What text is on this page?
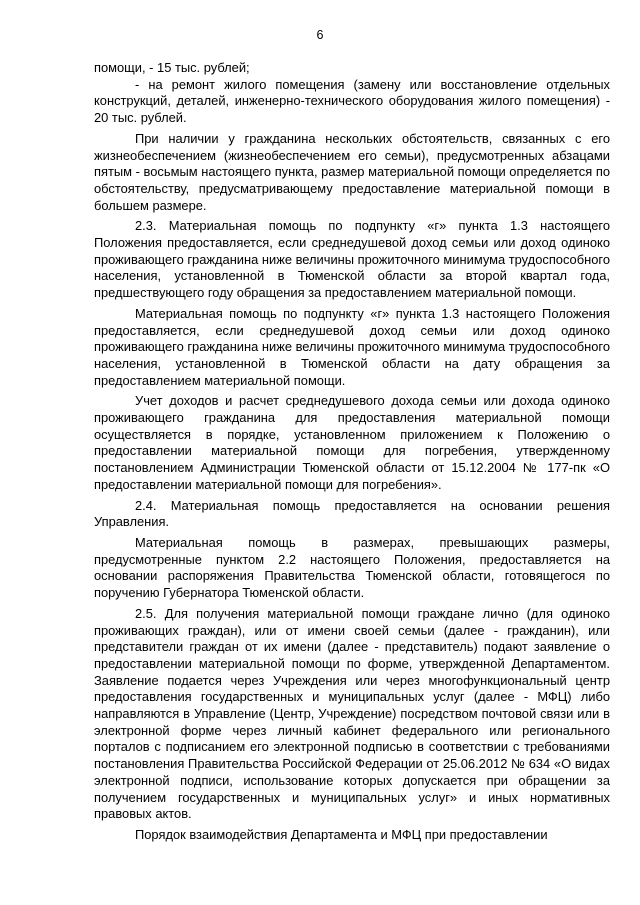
6

помощи, - 15 тыс. рублей;

- на ремонт жилого помещения (замену или восстановление отдельных конструкций, деталей, инженерно-технического оборудования жилого помещения) - 20 тыс. рублей.

При наличии у гражданина нескольких обстоятельств, связанных с его жизнеобеспечением (жизнеобеспечением его семьи), предусмотренных абзацами пятым - восьмым настоящего пункта, размер материальной помощи определяется по обстоятельству, предусматривающему предоставление материальной помощи в большем размере.

2.3. Материальная помощь по подпункту «г» пункта 1.3 настоящего Положения предоставляется, если среднедушевой доход семьи или доход одиноко проживающего гражданина ниже величины прожиточного минимума трудоспособного населения, установленной в Тюменской области за второй квартал года, предшествующего году обращения за предоставлением материальной помощи.

Материальная помощь по подпункту «г» пункта 1.3 настоящего Положения предоставляется, если среднедушевой доход семьи или доход одиноко проживающего гражданина ниже величины прожиточного минимума трудоспособного населения, установленной в Тюменской области на дату обращения за предоставлением материальной помощи.

Учет доходов и расчет среднедушевого дохода семьи или дохода одиноко проживающего гражданина для предоставления материальной помощи осуществляется в порядке, установленном приложением к Положению о предоставлении материальной помощи для погребения, утвержденному постановлением Администрации Тюменской области от 15.12.2004 № 177-пк «О предоставлении материальной помощи для погребения».

2.4. Материальная помощь предоставляется на основании решения Управления.

Материальная помощь в размерах, превышающих размеры, предусмотренные пунктом 2.2 настоящего Положения, предоставляется на основании распоряжения Правительства Тюменской области, готовящегося по поручению Губернатора Тюменской области.

2.5. Для получения материальной помощи граждане лично (для одиноко проживающих граждан), или от имени своей семьи (далее - гражданин), или представители граждан от их имени (далее - представитель) подают заявление о предоставлении материальной помощи по форме, утвержденной Департаментом. Заявление подается через Учреждения или через многофункциональный центр предоставления государственных и муниципальных услуг (далее - МФЦ) либо направляются в Управление (Центр, Учреждение) посредством почтовой связи или в электронной форме через личный кабинет федерального или регионального порталов с подписанием его электронной подписью в соответствии с требованиями постановления Правительства Российской Федерации от 25.06.2012 № 634 «О видах электронной подписи, использование которых допускается при обращении за получением государственных и муниципальных услуг» и иных нормативных правовых актов.

Порядок взаимодействия Департамента и МФЦ при предоставлении
